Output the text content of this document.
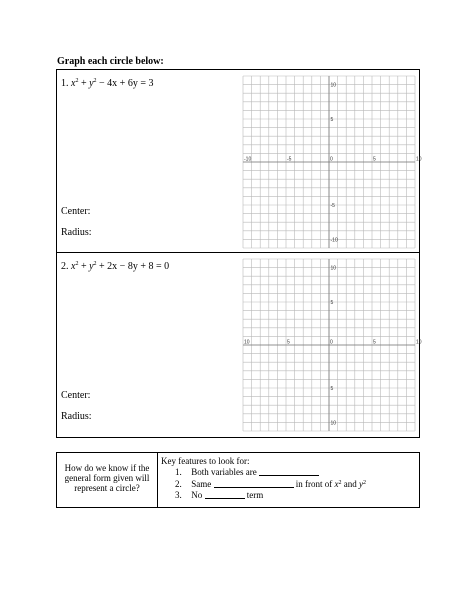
Graph each circle below:
1. $x^2 + y^2 - 4x + 6y = 3$
Center:
Radius:
-10	-5	0	5	10
10
5
-5
-10
2. $x^2 + y^2 + 2x - 8y + 8 = 0$
Center:
Radius:
10	5	0	5	10
10
5
5
10
How do we know if the general form given will represent a circle?
Key features to look for:
1. Both variables are
2. Same	in front of $x^2$ and $y^2$
3. No	term
